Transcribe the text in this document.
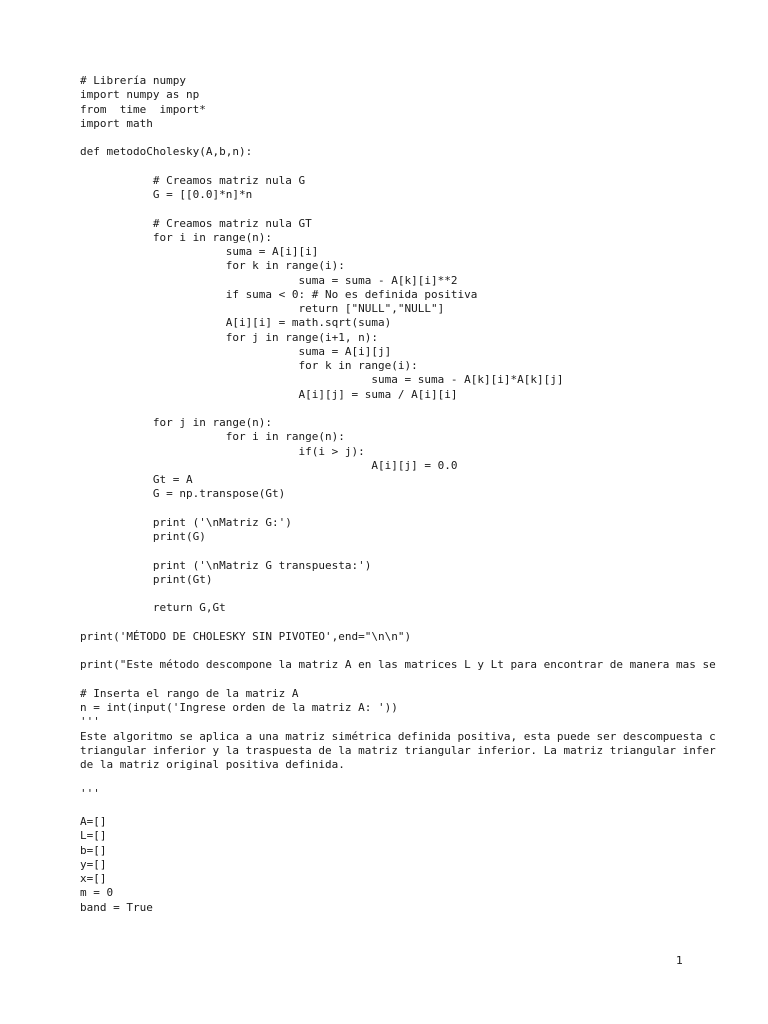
# Librería numpy
import numpy as np
from  time  import*
import math
def metodoCholesky(A,b,n):
# Creamos matriz nula G
G = [[0.0]*n]*n
# Creamos matriz nula GT
for i in range(n):
suma = A[i][i]
for k in range(i):
suma = suma - A[k][i]**2
if suma < 0: # No es definida positiva
return ["NULL","NULL"]
A[i][i] = math.sqrt(suma)
for j in range(i+1, n):
suma = A[i][j]
for k in range(i):
suma = suma - A[k][i]*A[k][j]
A[i][j] = suma / A[i][i]
for j in range(n):
for i in range(n):
if(i > j):
A[i][j] = 0.0
Gt = A
G = np.transpose(Gt)
print ('\nMatriz G:')
print(G)
print ('\nMatriz G transpuesta:')
print(Gt)
return G,Gt
print('MÉTODO DE CHOLESKY SIN PIVOTEO',end="\n\n")
print("Este método descompone la matriz A en las matrices L y Lt para encontrar de manera mas se
# Inserta el rango de la matriz A
n = int(input('Ingrese orden de la matriz A: '))
'''
Este algoritmo se aplica a una matriz simétrica definida positiva, esta puede ser descompuesta c
triangular inferior y la traspuesta de la matriz triangular inferior. La matriz triangular infer
de la matriz original positiva definida.
'''
A=[]
L=[]
b=[]
y=[]
x=[]
m = 0
band = True
1
